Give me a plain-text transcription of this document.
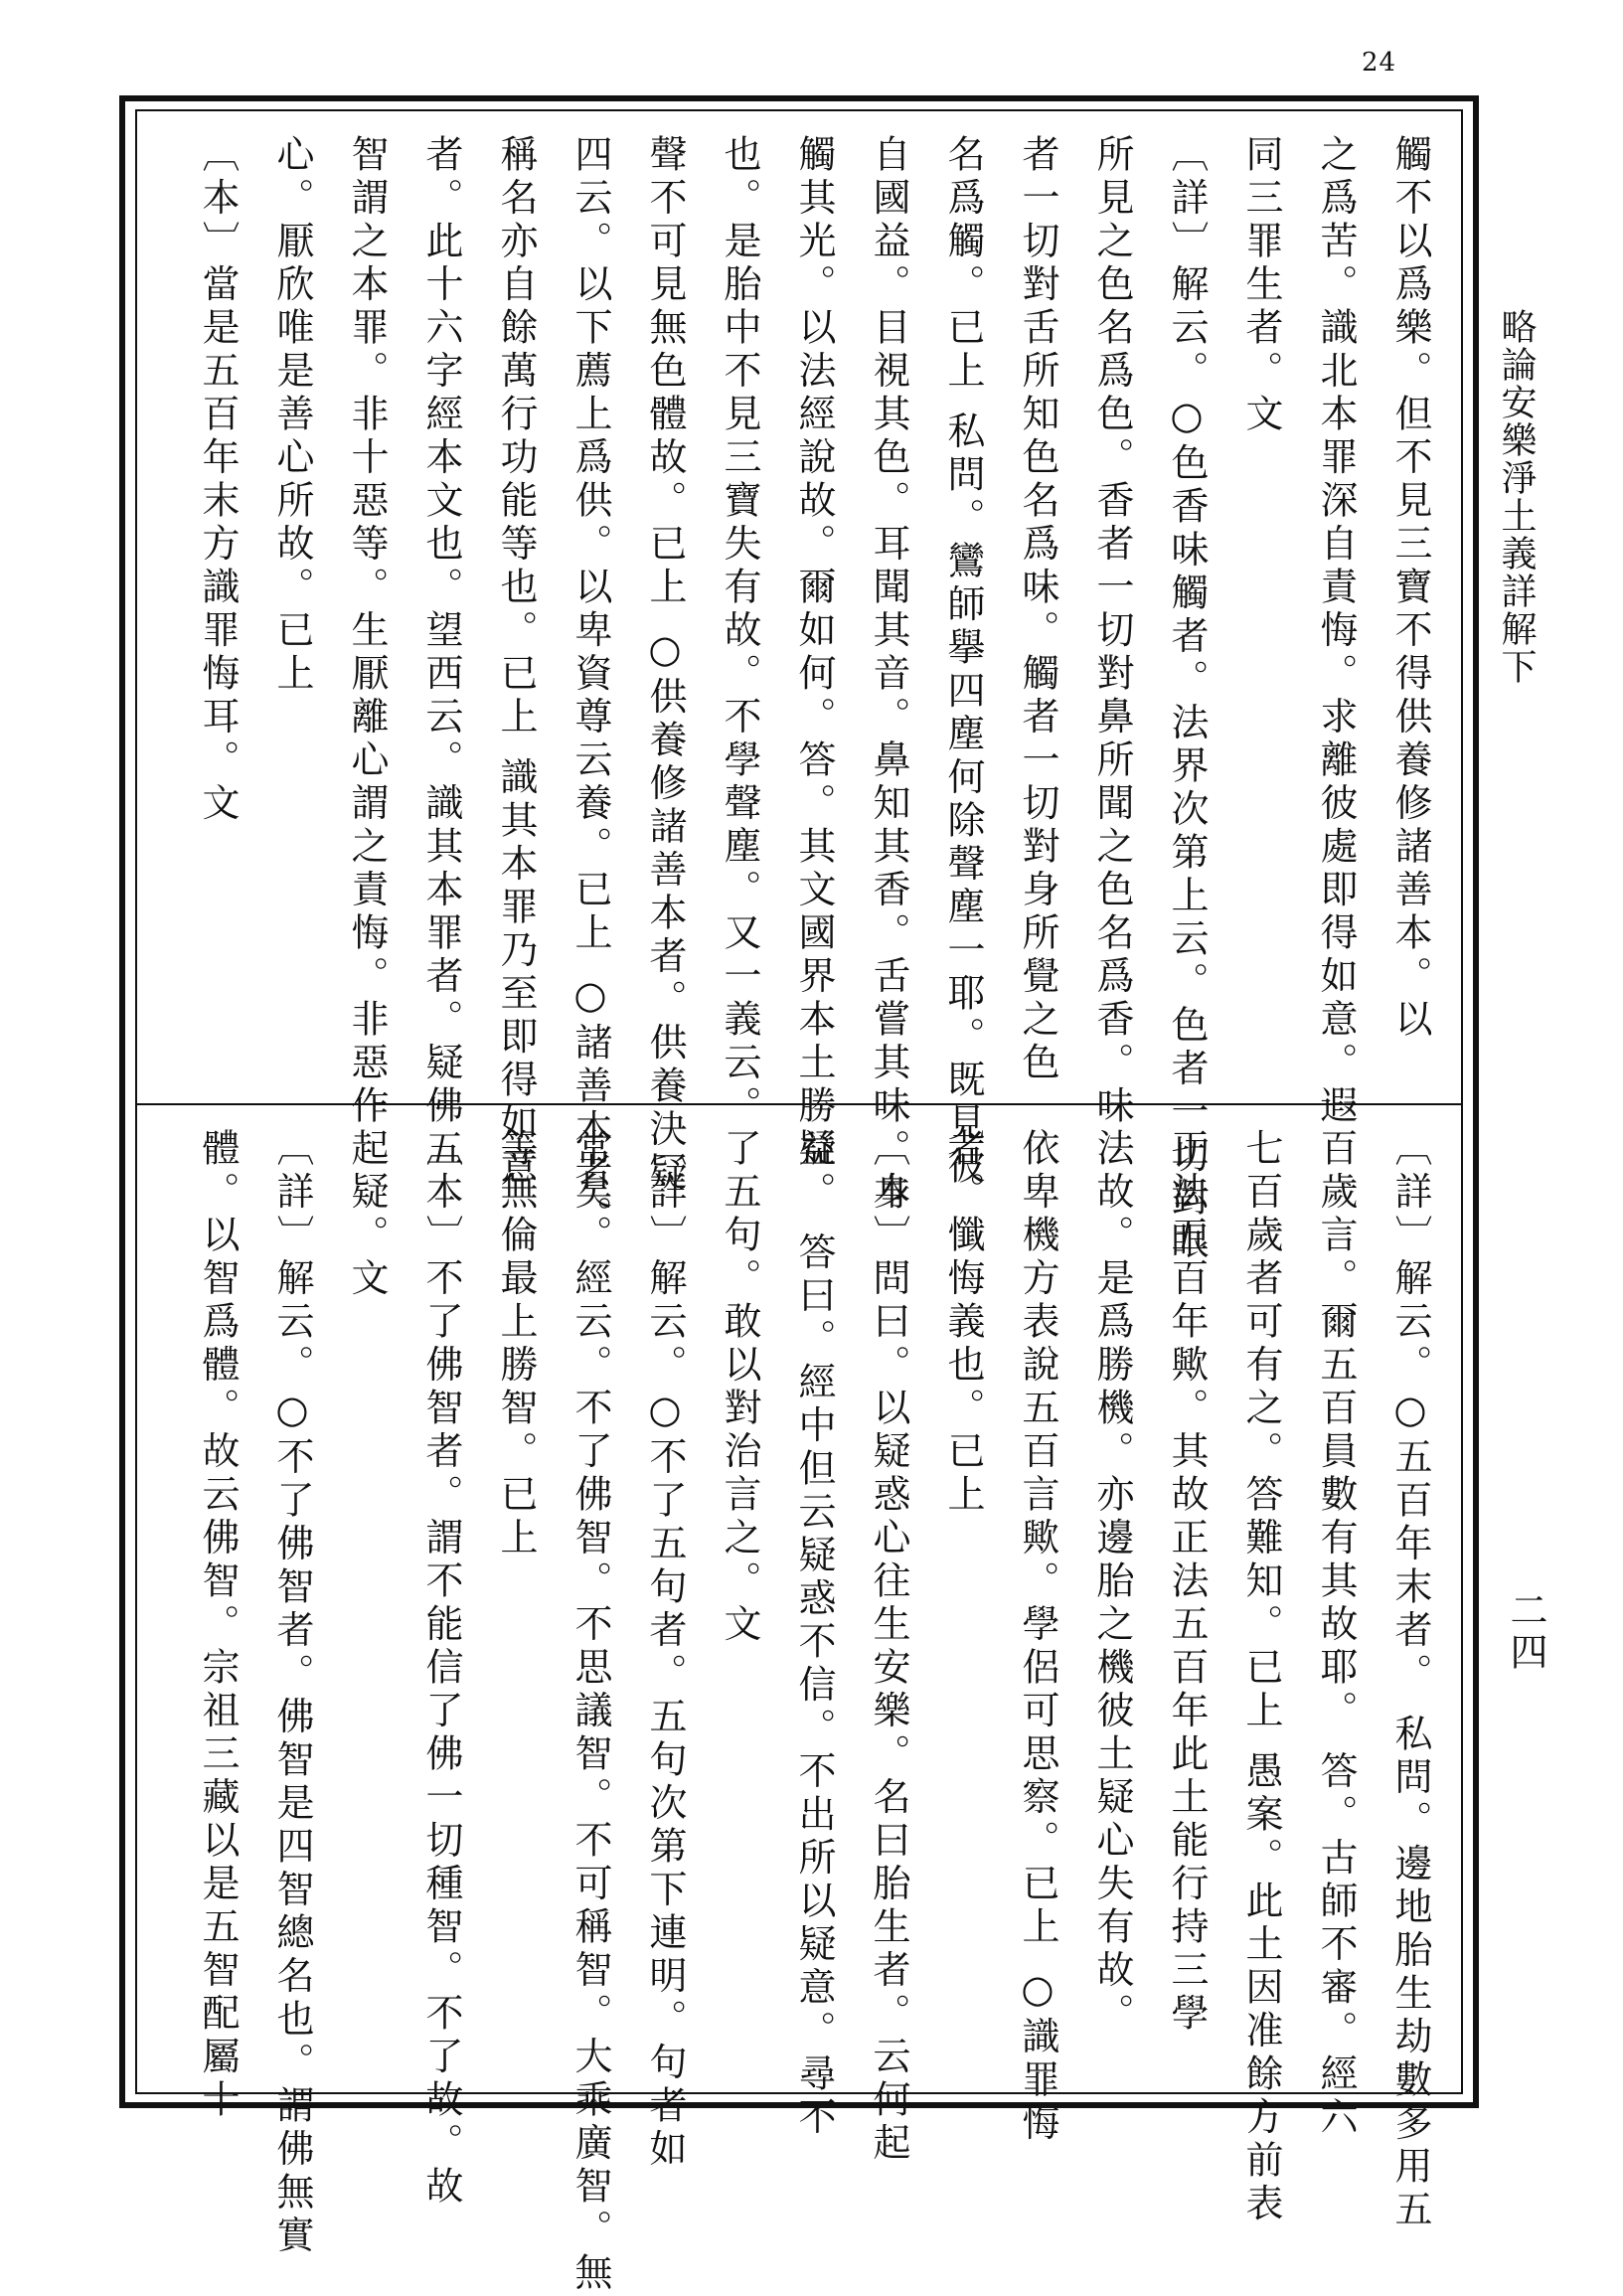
24
略論安樂淨土義詳解下
二四
觸不以爲樂。但不見三寶不得供養修諸善本。以
之爲苦。識北本罪深自責悔。求離彼處即得如意。遐
同三罪生者。文
〔詳〕解云。○色香味觸者。法界次第上云。色者一切對眼
所見之色名爲色。香者一切對鼻所聞之色名爲香。味
者一切對舌所知色名爲味。觸者一切對身所覺之色
名爲觸。已上 私問。鸞師擧四塵何除聲塵一耶。既見彼
自國益。目視其色。耳聞其音。鼻知其香。舌嘗其味。身
觸其光。以法經說故。爾如何。答。其文國界本土勝益
也。是胎中不見三寶失有故。不學聲塵。又一義云。
聲不可見無色體故。已上 ○供養修諸善本者。供養決疑
四云。以下薦上爲供。以卑資尊云養。已上 ○諸善本者。
稱名亦自餘萬行功能等也。已上 識其本罪乃至即得如意
者。此十六字經本文也。望西云。識其本罪者。疑佛五
智謂之本罪。非十惡等。生厭離心謂之責悔。非惡作
心。厭欣唯是善心所故。已上
〔本〕當是五百年末方識罪悔耳。文
〔詳〕解云。○五百年末者。 私問。邊地胎生劫數多用五
百歲言。爾五百員數有其故耶。 答。古師不審。經六
七百歲者可有之。答難知。已上 愚案。此土因准餘方前表
正法五百年歟。其故正法五百年此土能行持三學
法故。是爲勝機。亦邊胎之機彼土疑心失有故。
依卑機方表說五百言歟。學侶可思察。已上 ○識罪悔
者。懺悔義也。已上
〔本〕問曰。以疑惑心往生安樂。名曰胎生者。云何起
疑。 答曰。經中但云疑惑不信。不出所以疑意。尋不
了五句。敢以對治言之。文
〔詳〕解云。○不了五句者。五句次第下連明。句者如
常矣。經云。不了佛智。不思議智。不可稱智。大乘廣智。無
等無倫最上勝智。已上
〔本〕不了佛智者。謂不能信了佛一切種智。不了故。故
起疑。文
〔詳〕解云。○不了佛智者。佛智是四智總名也。謂佛無實
體。以智爲體。故云佛智。宗祖三藏以是五智配屬十
